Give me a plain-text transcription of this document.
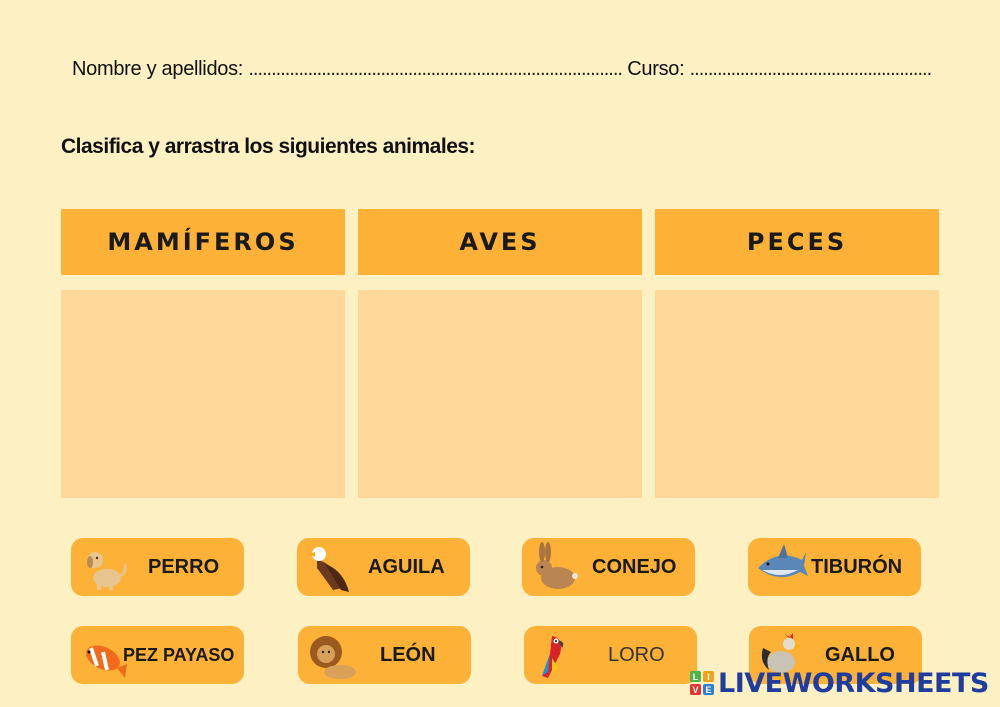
Nombre y apellidos: .................................................................................. Curso: .....................................................
Clasifica y arrastra los siguientes animales:
MAMÍFEROS	AVES	PECES
PERRO	AGUILA	CONEJO	TIBURÓN
PEZ PAYASO	LEÓN	LORO	GALLO
L I
V E LIVEWORKSHEETS
